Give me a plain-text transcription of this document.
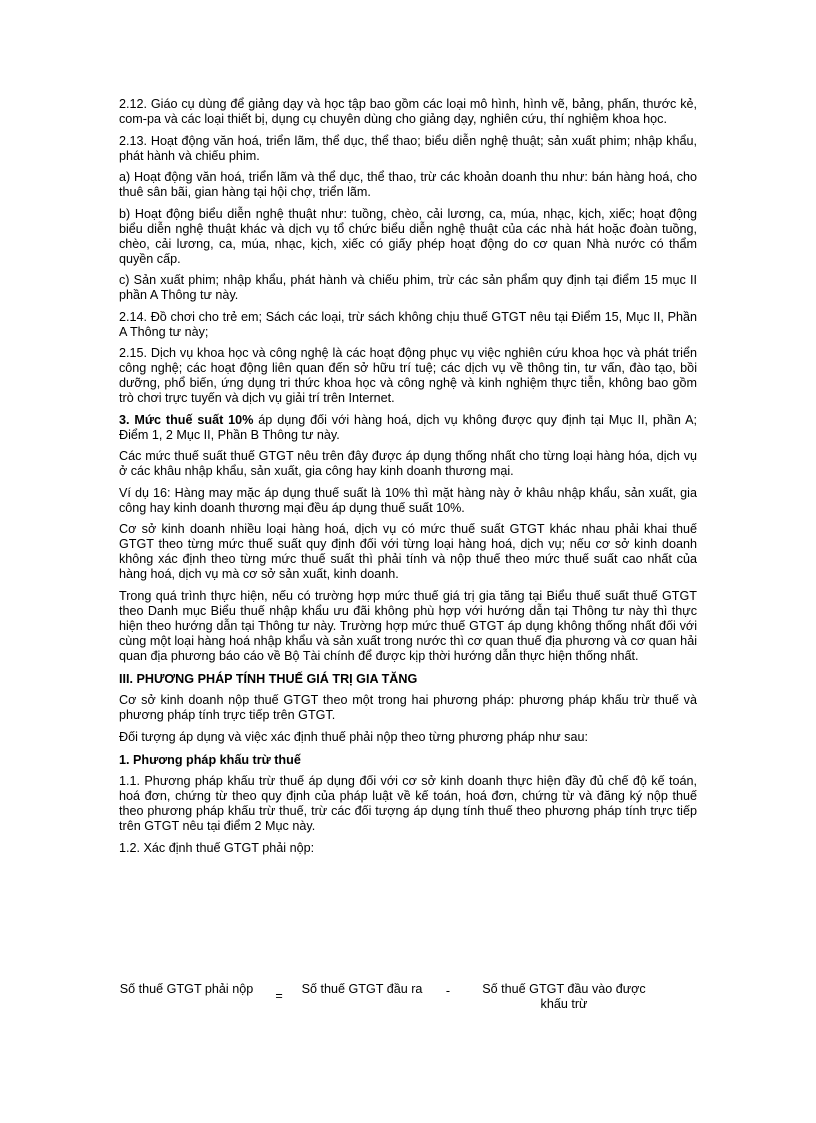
2.12. Giáo cụ dùng để giảng dạy và học tập bao gồm các loại mô hình, hình vẽ, bảng, phấn, thước kẻ, com-pa và các loại thiết bị, dụng cụ chuyên dùng cho giảng dạy, nghiên cứu, thí nghiệm khoa học.

2.13. Hoạt động văn hoá, triển lãm, thể dục, thể thao; biểu diễn nghệ thuật; sản xuất phim; nhập khẩu, phát hành và chiếu phim.

a) Hoạt động văn hoá, triển lãm và thể dục, thể thao, trừ các khoản doanh thu như: bán hàng hoá, cho thuê sân bãi, gian hàng tại hội chợ, triển lãm.

b) Hoạt động biểu diễn nghệ thuật như: tuồng, chèo, cải lương, ca, múa, nhạc, kịch, xiếc; hoạt động biểu diễn nghệ thuật khác và dịch vụ tổ chức biểu diễn nghệ thuật của các nhà hát hoặc đoàn tuồng, chèo, cải lương, ca, múa, nhạc, kịch, xiếc có giấy phép hoạt động do cơ quan Nhà nước có thẩm quyền cấp.

c) Sản xuất phim; nhập khẩu, phát hành và chiếu phim, trừ các sản phẩm quy định tại điểm 15 mục II phần A Thông tư này.

2.14. Đồ chơi cho trẻ em; Sách các loại, trừ sách không chịu thuế GTGT nêu tại Điểm 15, Mục II, Phần A Thông tư này;

2.15. Dịch vụ khoa học và công nghệ là các hoạt động phục vụ việc nghiên cứu khoa học và phát triển công nghệ; các hoạt động liên quan đến sở hữu trí tuệ; các dịch vụ về thông tin, tư vấn, đào tạo, bồi dưỡng, phổ biến, ứng dụng tri thức khoa học và công nghệ và kinh nghiệm thực tiễn, không bao gồm trò chơi trực tuyến và dịch vụ giải trí trên Internet.

3. Mức thuế suất 10% áp dụng đối với hàng hoá, dịch vụ không được quy định tại Mục II, phần A; Điểm 1, 2 Mục II, Phần B Thông tư này.

Các mức thuế suất thuế GTGT nêu trên đây được áp dụng thống nhất cho từng loại hàng hóa, dịch vụ ở các khâu nhập khẩu, sản xuất, gia công hay kinh doanh thương mại.

Ví dụ 16: Hàng may mặc áp dụng thuế suất là 10% thì mặt hàng này ở khâu nhập khẩu, sản xuất, gia công hay kinh doanh thương mại đều áp dụng thuế suất 10%.

Cơ sở kinh doanh nhiều loại hàng hoá, dịch vụ có mức thuế suất GTGT khác nhau phải khai thuế GTGT theo từng mức thuế suất quy định đối với từng loại hàng hoá, dịch vụ; nếu cơ sở kinh doanh không xác định theo từng mức thuế suất thì phải tính và nộp thuế theo mức thuế suất cao nhất của hàng hoá, dịch vụ mà cơ sở sản xuất, kinh doanh.

Trong quá trình thực hiện, nếu có trường hợp mức thuế giá trị gia tăng tại Biểu thuế suất thuế GTGT theo Danh mục Biểu thuế nhập khẩu ưu đãi không phù hợp với hướng dẫn tại Thông tư này thì thực hiện theo hướng dẫn tại Thông tư này. Trường hợp mức thuế GTGT áp dụng không thống nhất đối với cùng một loại hàng hoá nhập khẩu và sản xuất trong nước thì cơ quan thuế địa phương và cơ quan hải quan địa phương báo cáo về Bộ Tài chính để được kịp thời hướng dẫn thực hiện thống nhất.

III. PHƯƠNG PHÁP TÍNH THUẾ GIÁ TRỊ GIA TĂNG

Cơ sở kinh doanh nộp thuế GTGT theo một trong hai phương pháp: phương pháp khấu trừ thuế và phương pháp tính trực tiếp trên GTGT.

Đối tượng áp dụng và việc xác định thuế phải nộp theo từng phương pháp như sau:

1. Phương pháp khấu trừ thuế

1.1. Phương pháp khấu trừ thuế áp dụng đối với cơ sở kinh doanh thực hiện đầy đủ chế độ kế toán, hoá đơn, chứng từ theo quy định của pháp luật về kế toán, hoá đơn, chứng từ và đăng ký nộp thuế theo phương pháp khấu trừ thuế, trừ các đối tượng áp dụng tính thuế theo phương pháp tính trực tiếp trên GTGT nêu tại điểm 2 Mục này.

1.2. Xác định thuế GTGT phải nộp:

Số thuế GTGT phải nộp =	Số thuế GTGT đầu ra	-	Số thuế GTGT đầu vào được khấu trừ
